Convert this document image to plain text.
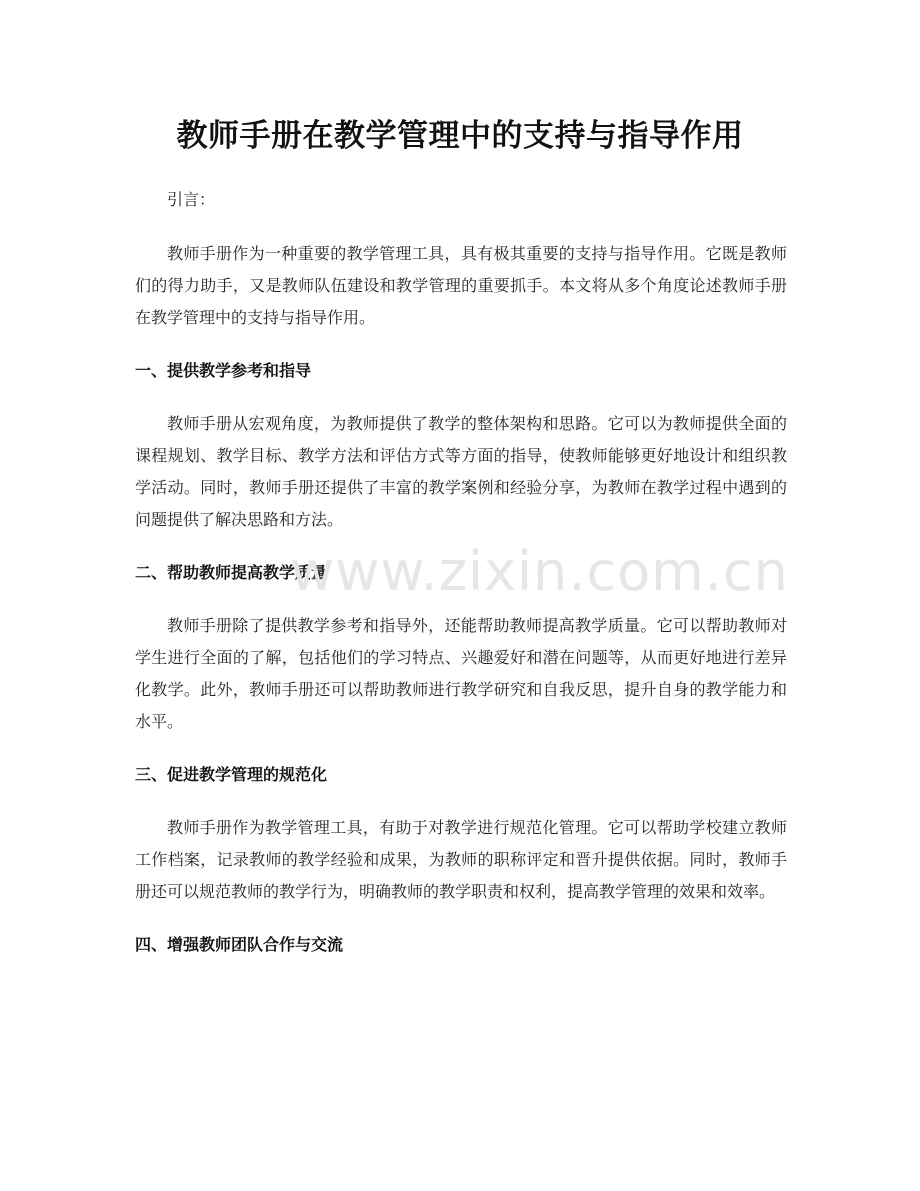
教师手册在教学管理中的支持与指导作用

引言：

教师手册作为一种重要的教学管理工具，具有极其重要的支持与指导作用。它既是教师们的得力助手，又是教师队伍建设和教学管理的重要抓手。本文将从多个角度论述教师手册在教学管理中的支持与指导作用。

一、提供教学参考和指导

教师手册从宏观角度，为教师提供了教学的整体架构和思路。它可以为教师提供全面的课程规划、教学目标、教学方法和评估方式等方面的指导，使教师能够更好地设计和组织教学活动。同时，教师手册还提供了丰富的教学案例和经验分享，为教师在教学过程中遇到的问题提供了解决思路和方法。

二、帮助教师提高教学质量

教师手册除了提供教学参考和指导外，还能帮助教师提高教学质量。它可以帮助教师对学生进行全面的了解，包括他们的学习特点、兴趣爱好和潜在问题等，从而更好地进行差异化教学。此外，教师手册还可以帮助教师进行教学研究和自我反思，提升自身的教学能力和水平。

三、促进教学管理的规范化

教师手册作为教学管理工具，有助于对教学进行规范化管理。它可以帮助学校建立教师工作档案，记录教师的教学经验和成果，为教师的职称评定和晋升提供依据。同时，教师手册还可以规范教师的教学行为，明确教师的教学职责和权利，提高教学管理的效果和效率。

四、增强教师团队合作与交流
www.zixin.com.cn
